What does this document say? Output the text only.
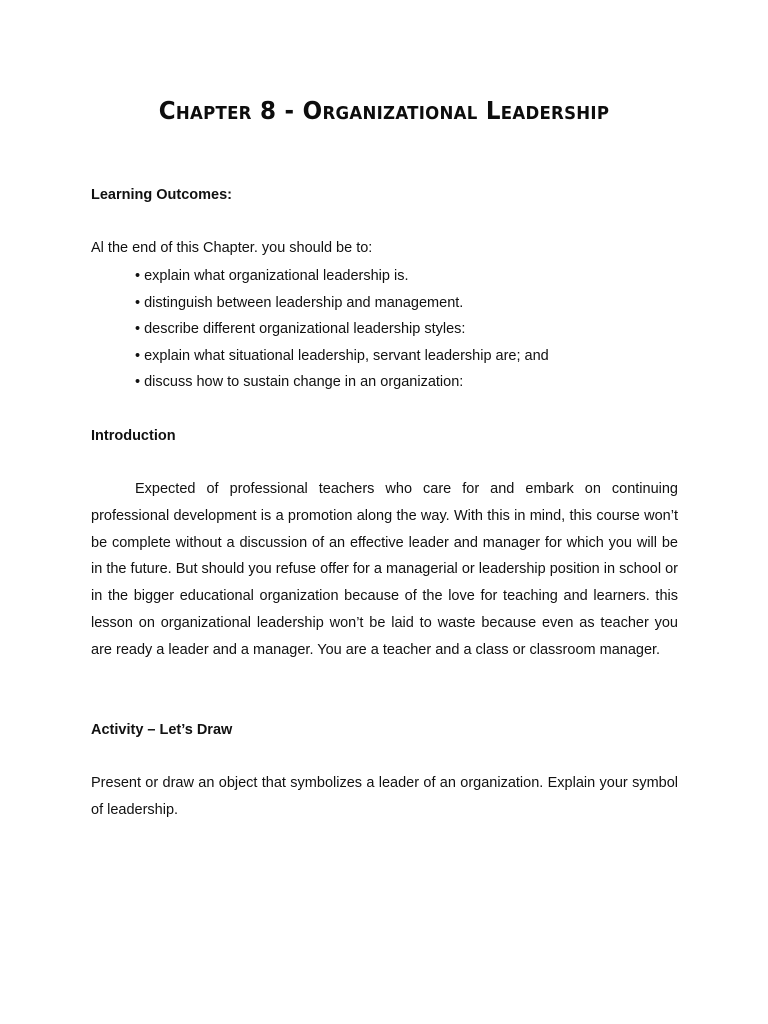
Chapter 8 - Organizational Leadership
Learning Outcomes:
Al the end of this Chapter. you should be to:
• explain what organizational leadership is.
• distinguish between leadership and management.
• describe different organizational leadership styles:
• explain what situational leadership, servant leadership are; and
• discuss how to sustain change in an organization:
Introduction

Expected of professional teachers who care for and embark on continuing professional development is a promotion along the way. With this in mind, this course won’t be complete without a discussion of an effective leader and manager for which you will be in the future. But should you refuse offer for a managerial or leadership position in school or in the bigger educational organization because of the love for teaching and learners. this lesson on organizational leadership won’t be laid to waste because even as teacher you are ready a leader and a manager. You are a teacher and a class or classroom manager.

Activity – Let’s Draw

Present or draw an object that symbolizes a leader of an organization. Explain your symbol of leadership.
